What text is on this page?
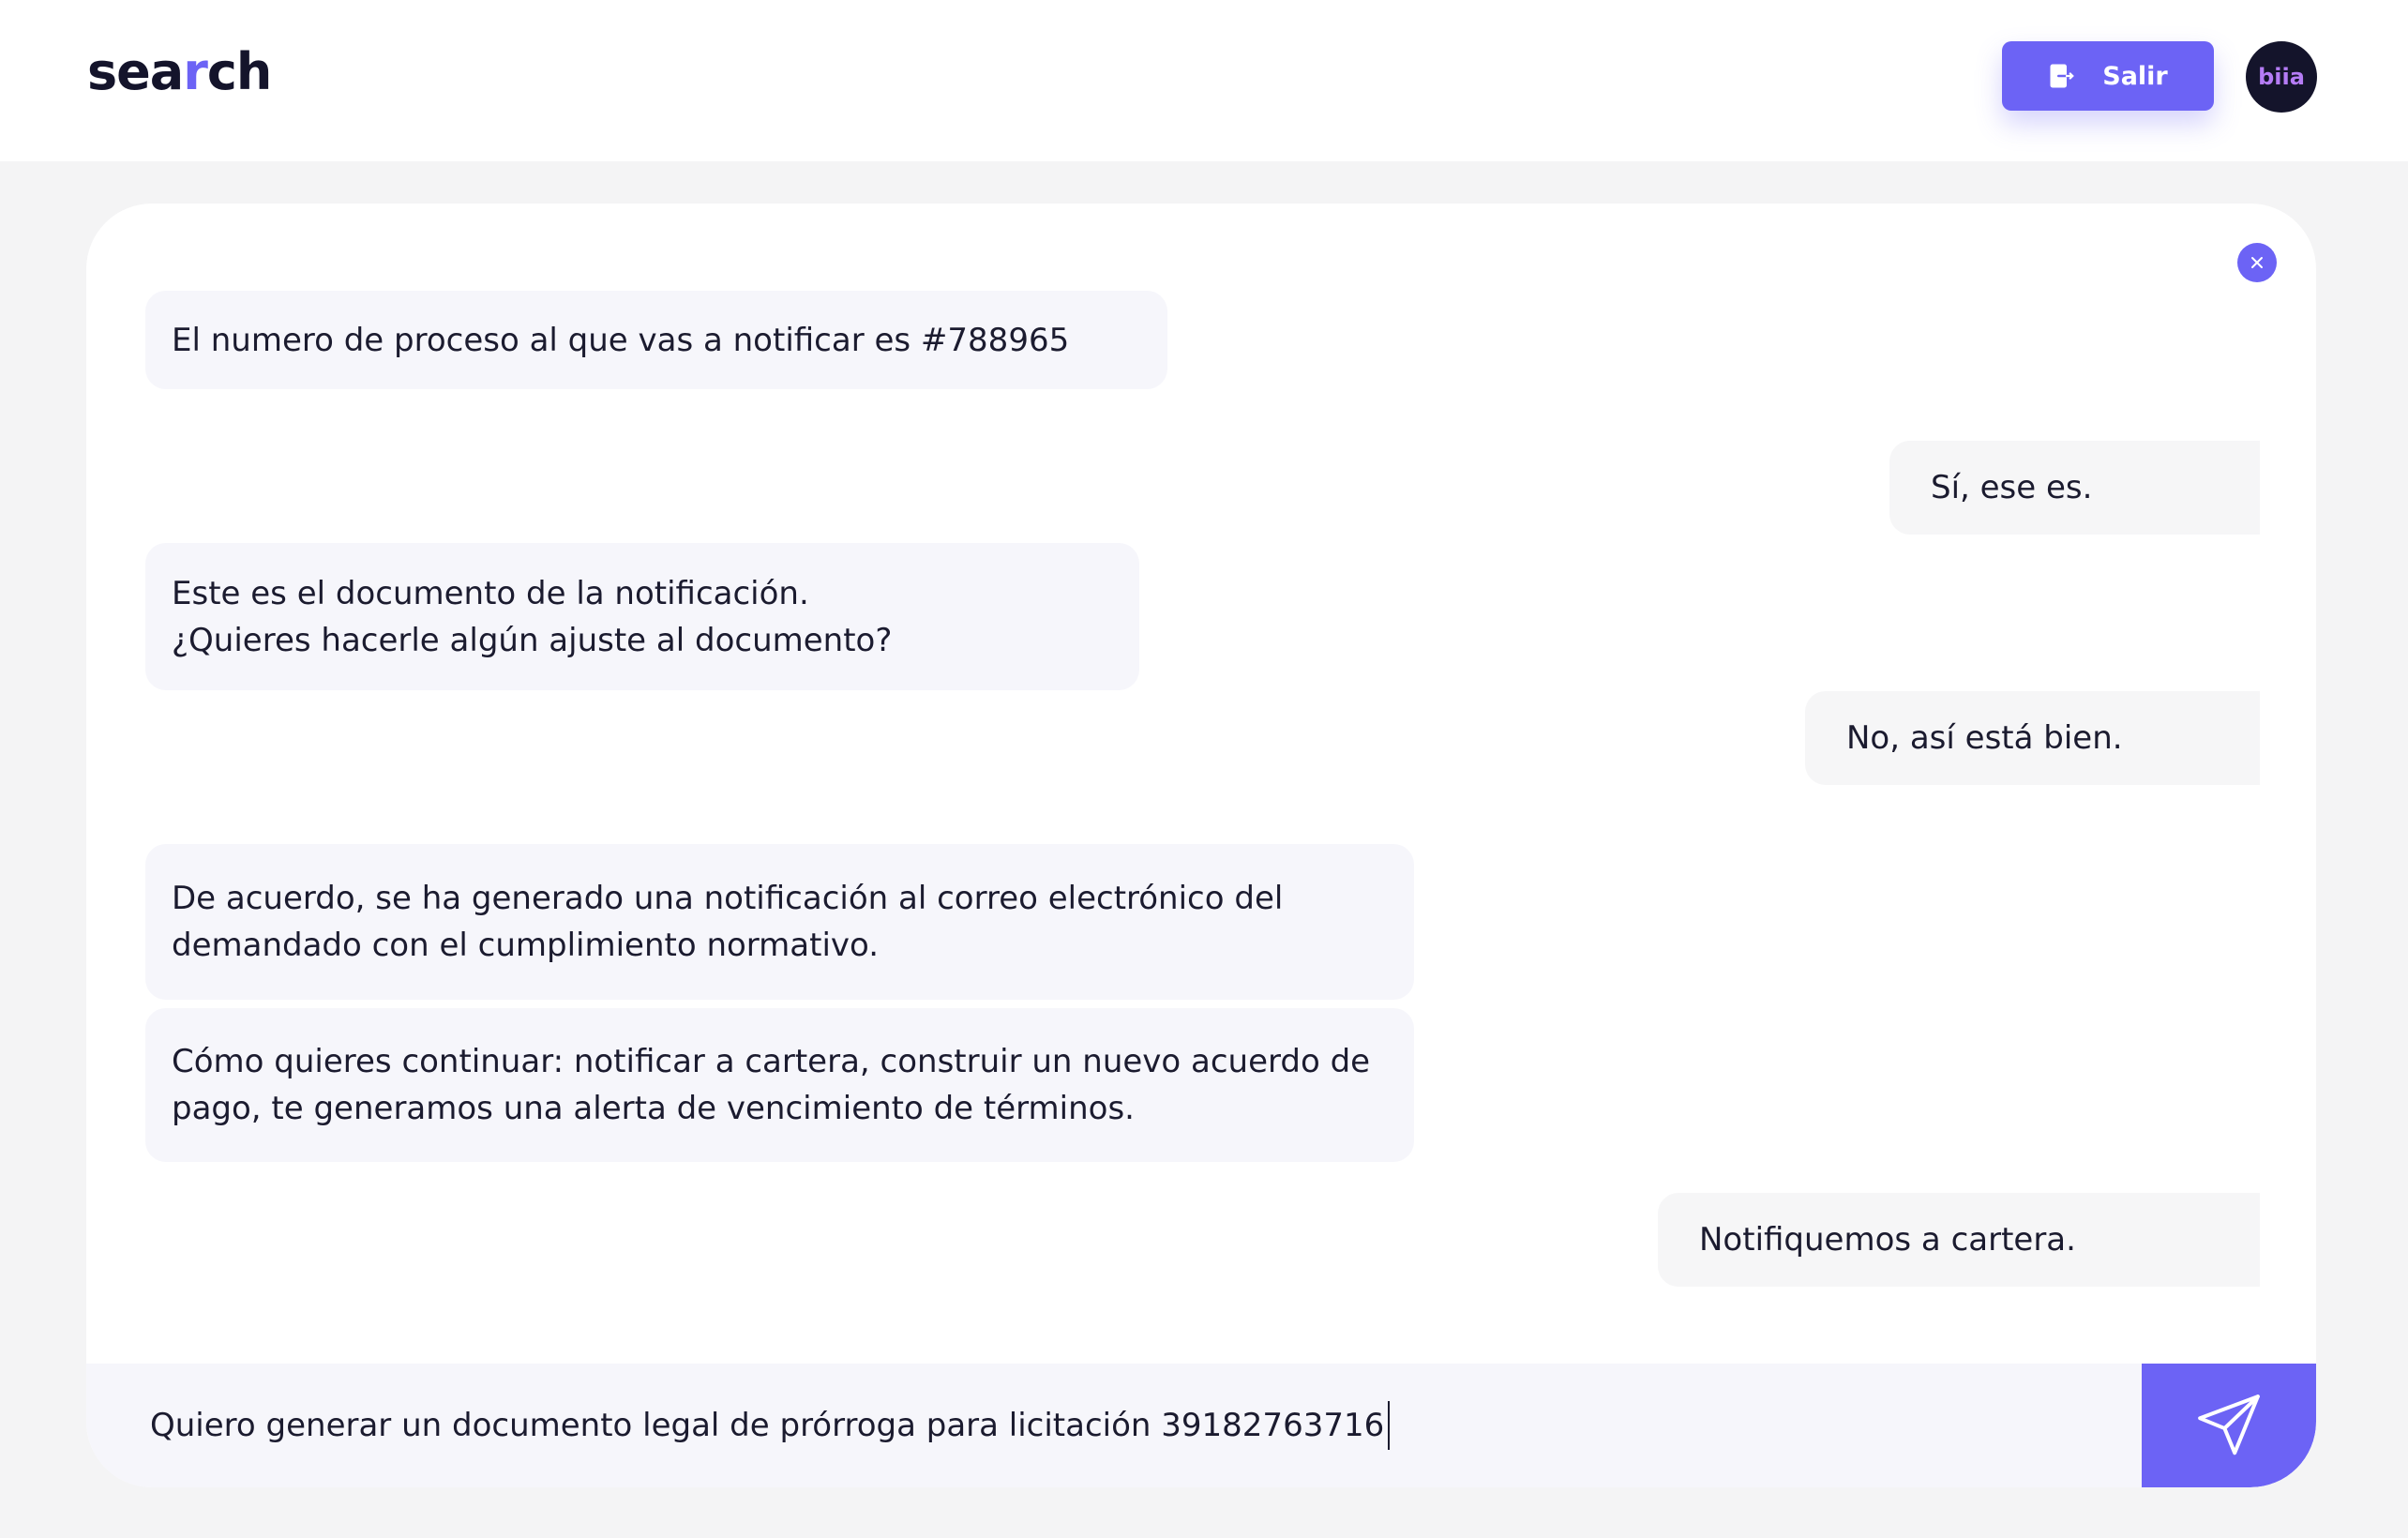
search	Salir	biia
El numero de proceso al que vas a notificar es #788965
Sí, ese es.
Este es el documento de la notificación.
¿Quieres hacerle algún ajuste al documento?
No, así está bien.
De acuerdo, se ha generado una notificación al correo electrónico del
demandado con el cumplimiento normativo.
Cómo quieres continuar: notificar a cartera, construir un nuevo acuerdo de
pago, te generamos una alerta de vencimiento de términos.
Notifiquemos a cartera.
Quiero generar un documento legal de prórroga para licitación 39182763716
